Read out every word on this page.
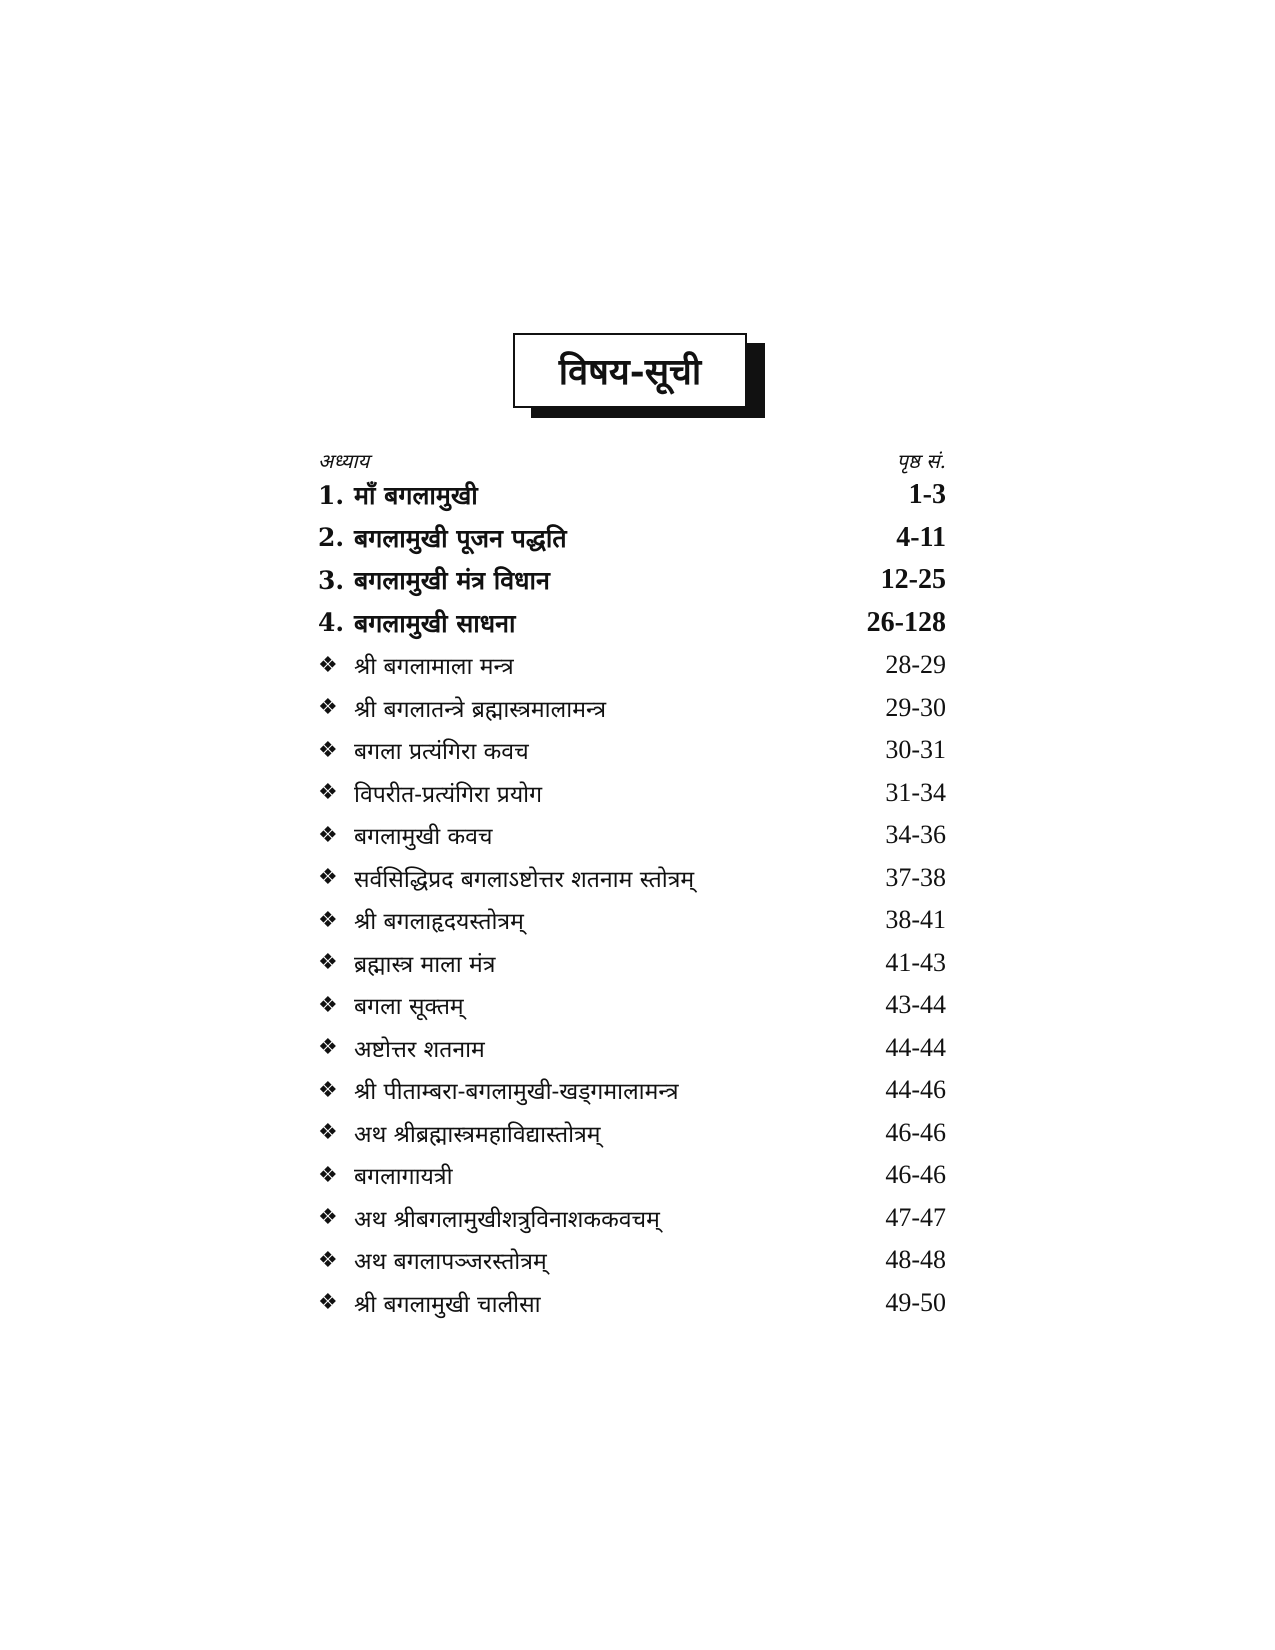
विषय-सूची
अध्याय	पृष्ठ सं.
1. माँ बगलामुखी	1-3
2. बगलामुखी पूजन पद्धति	4-11
3. बगलामुखी मंत्र विधान	12-25
4. बगलामुखी साधना	26-128
❖ श्री बगलामाला मन्त्र	28-29
❖ श्री बगलातन्त्रे ब्रह्मास्त्रमालामन्त्र	29-30
❖ बगला प्रत्यंगिरा कवच	30-31
❖ विपरीत-प्रत्यंगिरा प्रयोग	31-34
❖ बगलामुखी कवच	34-36
❖ सर्वसिद्धिप्रद बगलाऽष्टोत्तर शतनाम स्तोत्रम्	37-38
❖ श्री बगलाहृदयस्तोत्रम्	38-41
❖ ब्रह्मास्त्र माला मंत्र	41-43
❖ बगला सूक्तम्	43-44
❖ अष्टोत्तर शतनाम	44-44
❖ श्री पीताम्बरा-बगलामुखी-खड्गमालामन्त्र	44-46
❖ अथ श्रीब्रह्मास्त्रमहाविद्यास्तोत्रम्	46-46
❖ बगलागायत्री	46-46
❖ अथ श्रीबगलामुखीशत्रुविनाशककवचम्	47-47
❖ अथ बगलापञ्जरस्तोत्रम्	48-48
❖ श्री बगलामुखी चालीसा	49-50
